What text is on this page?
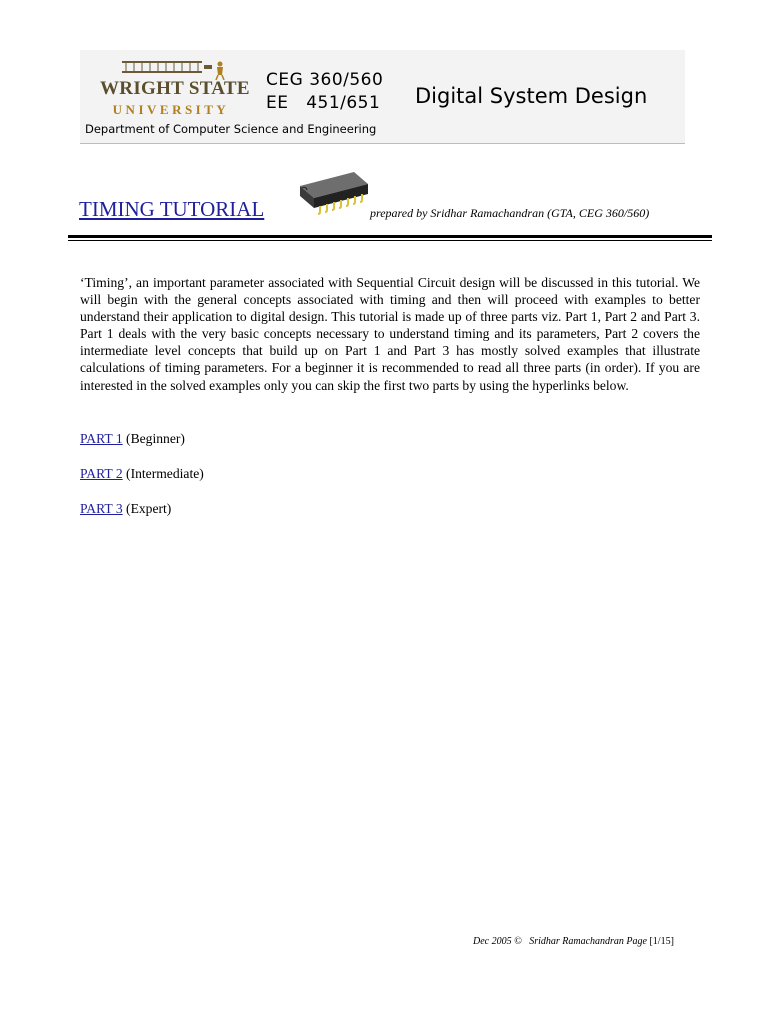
WRIGHT STATE
UNIVERSITY
CEG 360/560
EE   451/651 Digital System Design
Department of Computer Science and Engineering
TIMING TUTORIAL	prepared by Sridhar Ramachandran (GTA, CEG 360/560)

‘Timing’, an important parameter associated with Sequential Circuit design will be discussed in this tutorial. We will begin with the general concepts associated with timing and then will proceed with examples to better understand their application to digital design. This tutorial is made up of three parts viz. Part 1, Part 2 and Part 3. Part 1 deals with the very basic concepts necessary to understand timing and its parameters, Part 2 covers the intermediate level concepts that build up on Part 1 and Part 3 has mostly solved examples that illustrate calculations of timing parameters. For a beginner it is recommended to read all three parts (in order). If you are interested in the solved examples only you can skip the first two parts by using the hyperlinks below.

PART 1 (Beginner)
PART 2 (Intermediate)
PART 3 (Expert)
Dec 2005 ©   Sridhar Ramachandran Page [1/15]
